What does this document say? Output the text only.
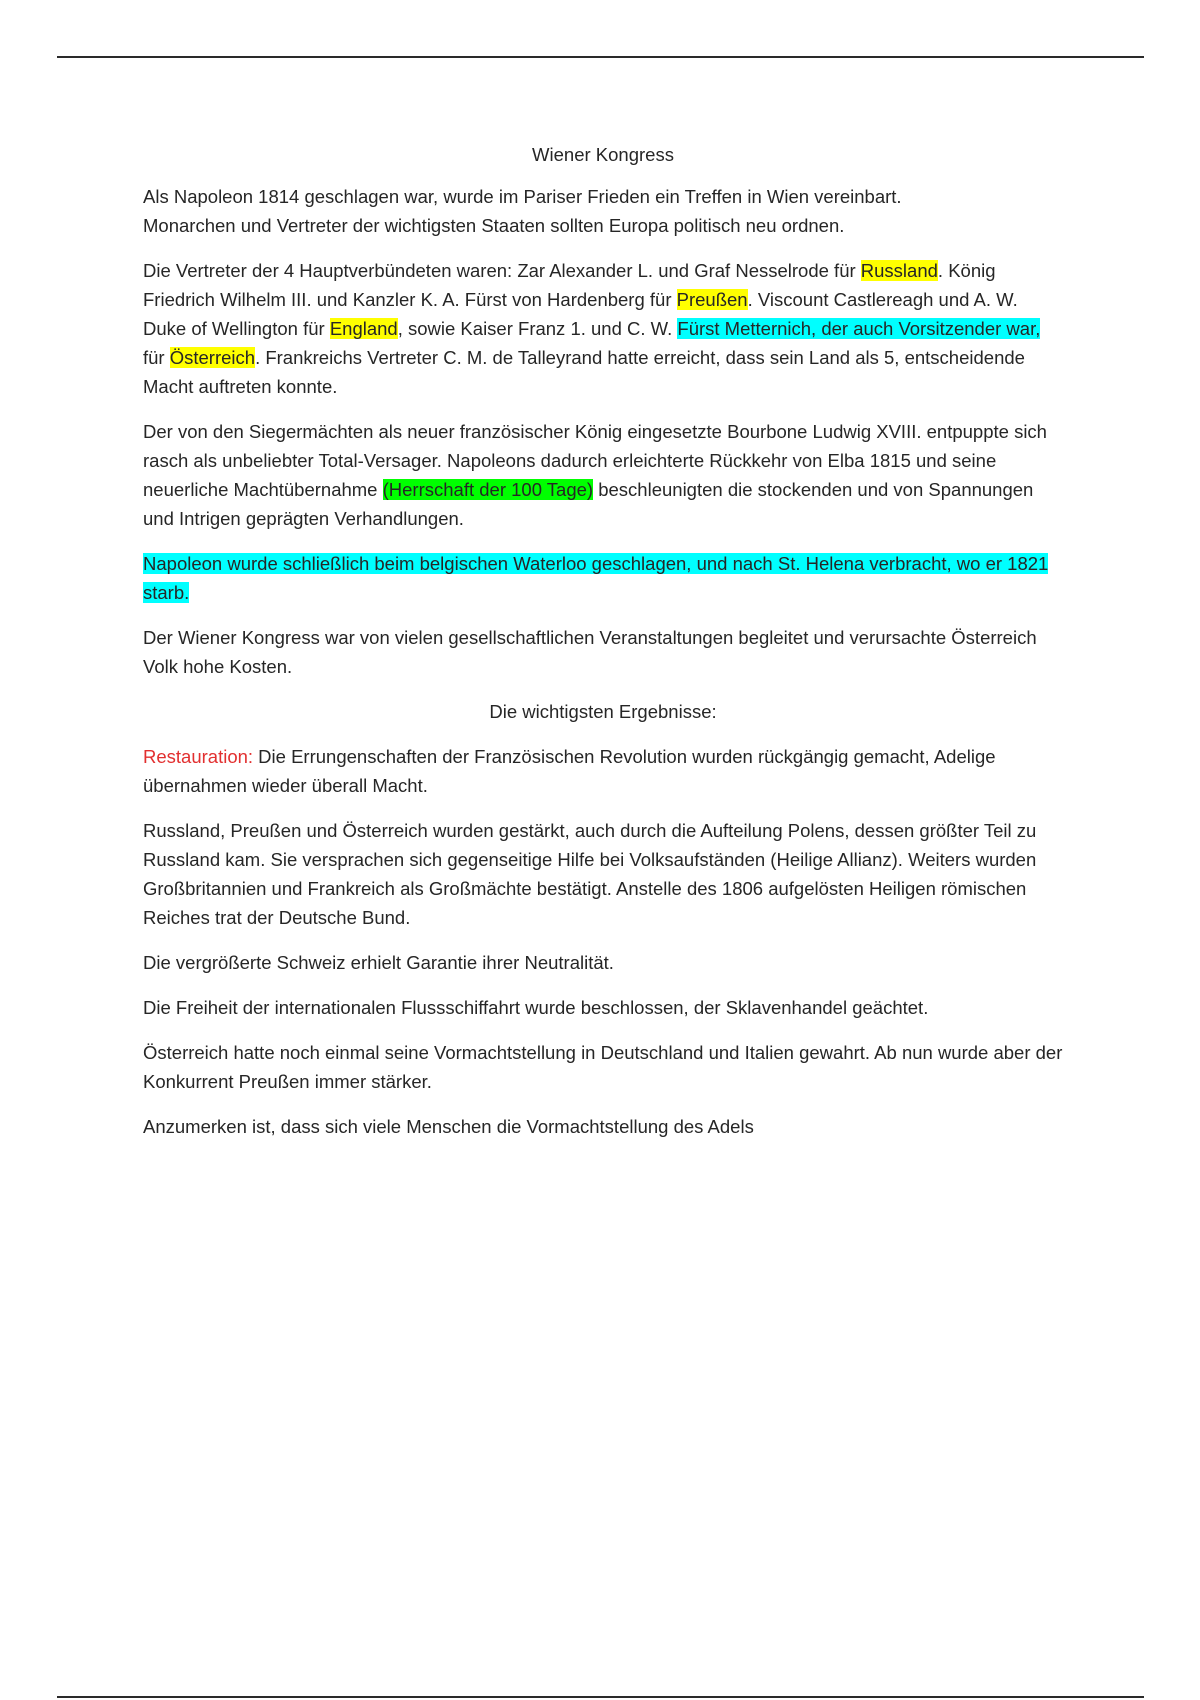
Wiener Kongress

Als Napoleon 1814 geschlagen war, wurde im Pariser Frieden ein Treffen in Wien vereinbart.
Monarchen und Vertreter der wichtigsten Staaten sollten Europa politisch neu ordnen.

Die Vertreter der 4 Hauptverbündeten waren: Zar Alexander L. und Graf Nesselrode für Russland. König Friedrich Wilhelm III. und Kanzler K. A. Fürst von Hardenberg für Preußen. Viscount Castlereagh und A. W. Duke of Wellington für England, sowie Kaiser Franz 1. und C. W. Fürst Metternich, der auch Vorsitzender war, für Österreich. Frankreichs Vertreter C. M. de Talleyrand hatte erreicht, dass sein Land als 5, entscheidende Macht auftreten konnte.

Der von den Siegermächten als neuer französischer König eingesetzte Bourbone Ludwig XVIII. entpuppte sich rasch als unbeliebter Total-Versager. Napoleons dadurch erleichterte Rückkehr von Elba 1815 und seine neuerliche Machtübernahme (Herrschaft der 100 Tage) beschleunigten die stockenden und von Spannungen und Intrigen geprägten Verhandlungen.

Napoleon wurde schließlich beim belgischen Waterloo geschlagen, und nach St. Helena verbracht, wo er 1821 starb.

Der Wiener Kongress war von vielen gesellschaftlichen Veranstaltungen begleitet und verursachte Österreich Volk hohe Kosten.

Die wichtigsten Ergebnisse:

Restauration: Die Errungenschaften der Französischen Revolution wurden rückgängig gemacht, Adelige übernahmen wieder überall Macht.

Russland, Preußen und Österreich wurden gestärkt, auch durch die Aufteilung Polens, dessen größter Teil zu Russland kam. Sie versprachen sich gegenseitige Hilfe bei Volksaufständen (Heilige Allianz). Weiters wurden Großbritannien und Frankreich als Großmächte bestätigt. Anstelle des 1806 aufgelösten Heiligen römischen Reiches trat der Deutsche Bund.

Die vergrößerte Schweiz erhielt Garantie ihrer Neutralität.

Die Freiheit der internationalen Flussschiffahrt wurde beschlossen, der Sklavenhandel geächtet.

Österreich hatte noch einmal seine Vormachtstellung in Deutschland und Italien gewahrt. Ab nun wurde aber der Konkurrent Preußen immer stärker.

Anzumerken ist, dass sich viele Menschen die Vormachtstellung des Adels
